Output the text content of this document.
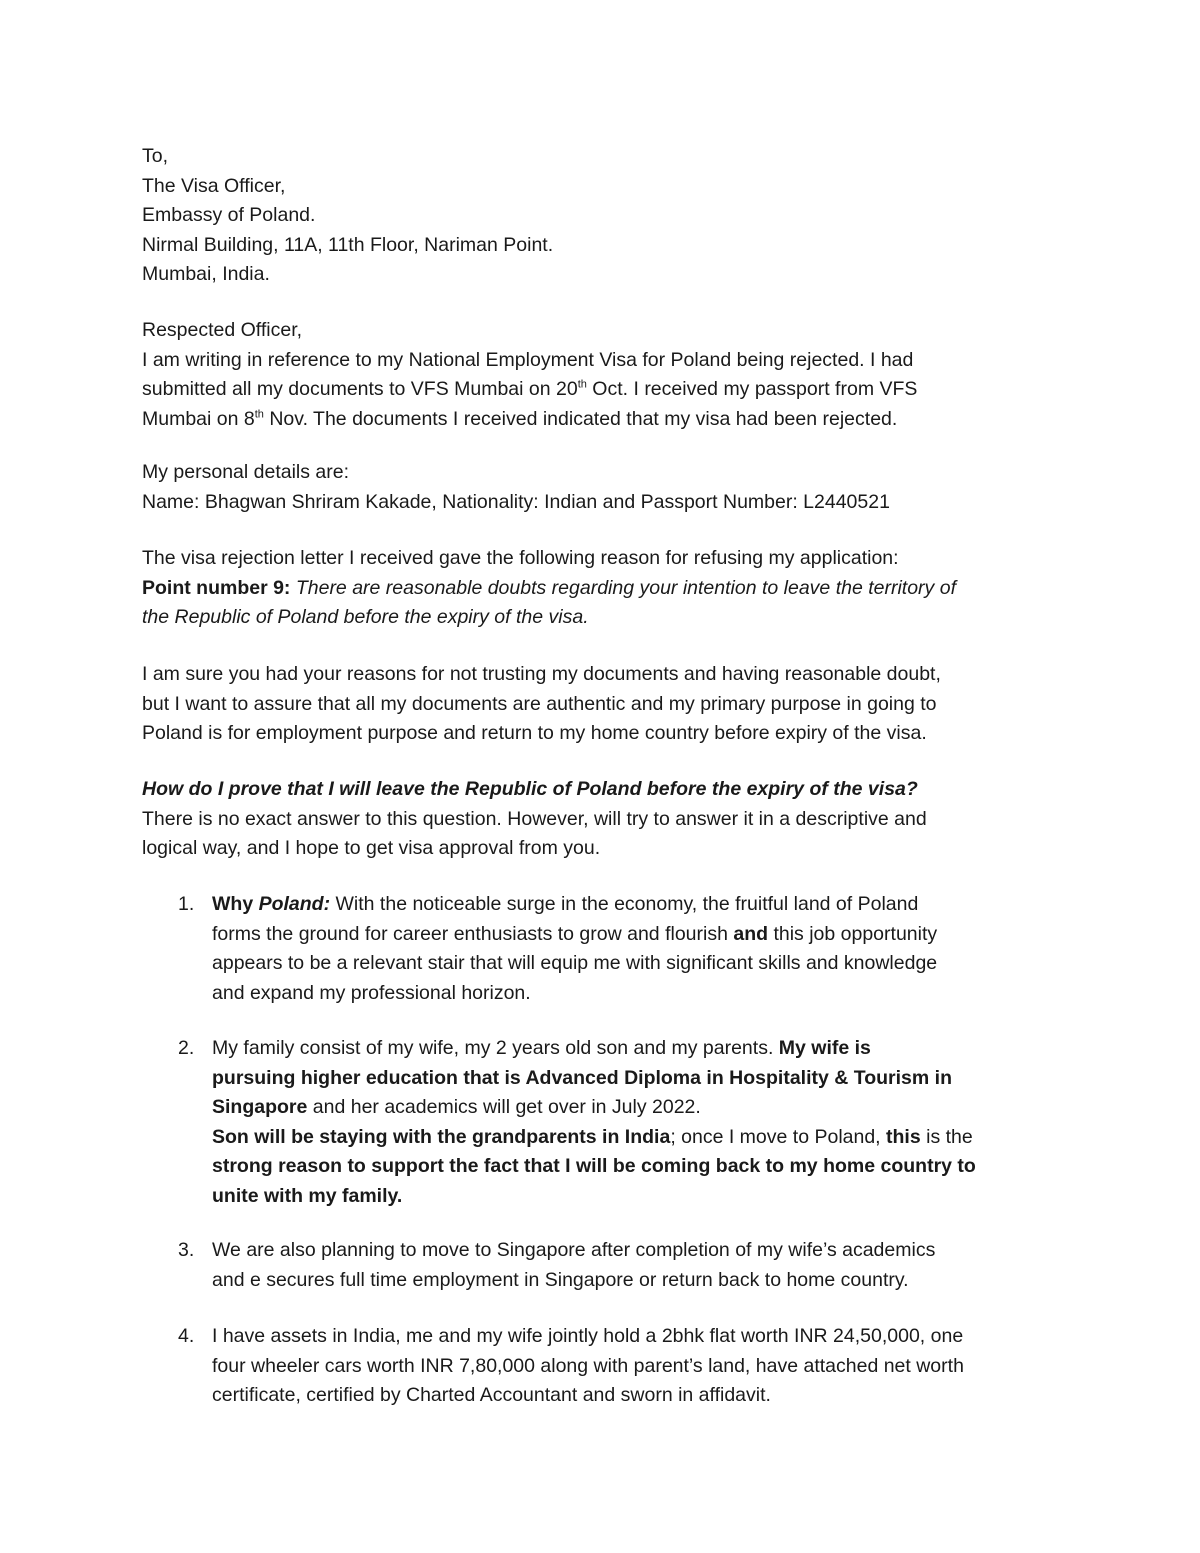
To,
The Visa Officer,
Embassy of Poland.
Nirmal Building, 11A, 11th Floor, Nariman Point.
Mumbai, India.
Respected Officer,
I am writing in reference to my National Employment Visa for Poland being rejected. I had
submitted all my documents to VFS Mumbai on 20th Oct. I received my passport from VFS
Mumbai on 8th Nov. The documents I received indicated that my visa had been rejected.
My personal details are:
Name: Bhagwan Shriram Kakade, Nationality: Indian and Passport Number: L2440521
The visa rejection letter I received gave the following reason for refusing my application:
Point number 9: There are reasonable doubts regarding your intention to leave the territory of
the Republic of Poland before the expiry of the visa.
I am sure you had your reasons for not trusting my documents and having reasonable doubt,
but I want to assure that all my documents are authentic and my primary purpose in going to
Poland is for employment purpose and return to my home country before expiry of the visa.
How do I prove that I will leave the Republic of Poland before the expiry of the visa?
There is no exact answer to this question. However, will try to answer it in a descriptive and
logical way, and I hope to get visa approval from you.
1. Why Poland: With the noticeable surge in the economy, the fruitful land of Poland
forms the ground for career enthusiasts to grow and flourish and this job opportunity
appears to be a relevant stair that will equip me with significant skills and knowledge
and expand my professional horizon.
2. My family consist of my wife, my 2 years old son and my parents. My wife is
pursuing higher education that is Advanced Diploma in Hospitality & Tourism in
Singapore and her academics will get over in July 2022.
Son will be staying with the grandparents in India; once I move to Poland, this is the
strong reason to support the fact that I will be coming back to my home country to
unite with my family.
3. We are also planning to move to Singapore after completion of my wife’s academics
and e secures full time employment in Singapore or return back to home country.
4. I have assets in India, me and my wife jointly hold a 2bhk flat worth INR 24,50,000, one
four wheeler cars worth INR 7,80,000 along with parent’s land, have attached net worth
certificate, certified by Charted Accountant and sworn in affidavit.
